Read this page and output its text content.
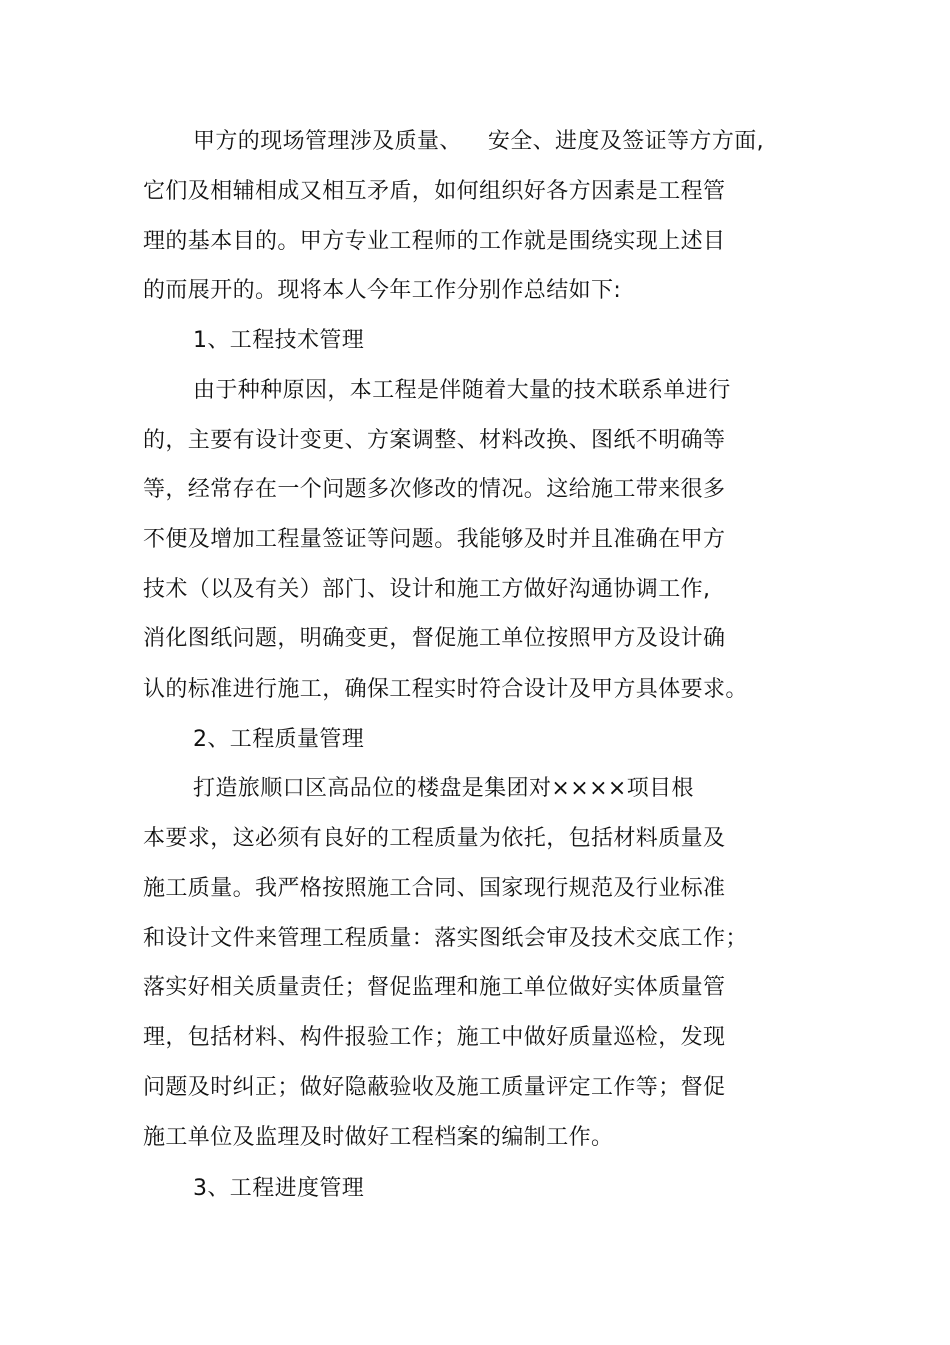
甲方的现场管理涉及质量、 安全、进度及签证等方方面,
它们及相辅相成又相互矛盾，如何组织好各方因素是工程管
理的基本目的。甲方专业工程师的工作就是围绕实现上述目
的而展开的。现将本人今年工作分别作总结如下:
1、工程技术管理
由于种种原因，本工程是伴随着大量的技术联系单进行
的，主要有设计变更、方案调整、材料改换、图纸不明确等
等，经常存在一个问题多次修改的情况。这给施工带来很多
不便及增加工程量签证等问题。我能够及时并且准确在甲方
技术（以及有关）部门、设计和施工方做好沟通协调工作,
消化图纸问题，明确变更，督促施工单位按照甲方及设计确
认的标准进行施工，确保工程实时符合设计及甲方具体要求。
2、工程质量管理
打造旅顺口区高品位的楼盘是集团对××××项目根
本要求，这必须有良好的工程质量为依托，包括材料质量及
施工质量。我严格按照施工合同、国家现行规范及行业标准
和设计文件来管理工程质量：落实图纸会审及技术交底工作；
落实好相关质量责任；督促监理和施工单位做好实体质量管
理，包括材料、构件报验工作；施工中做好质量巡检，发现
问题及时纠正；做好隐蔽验收及施工质量评定工作等；督促
施工单位及监理及时做好工程档案的编制工作。
3、工程进度管理
